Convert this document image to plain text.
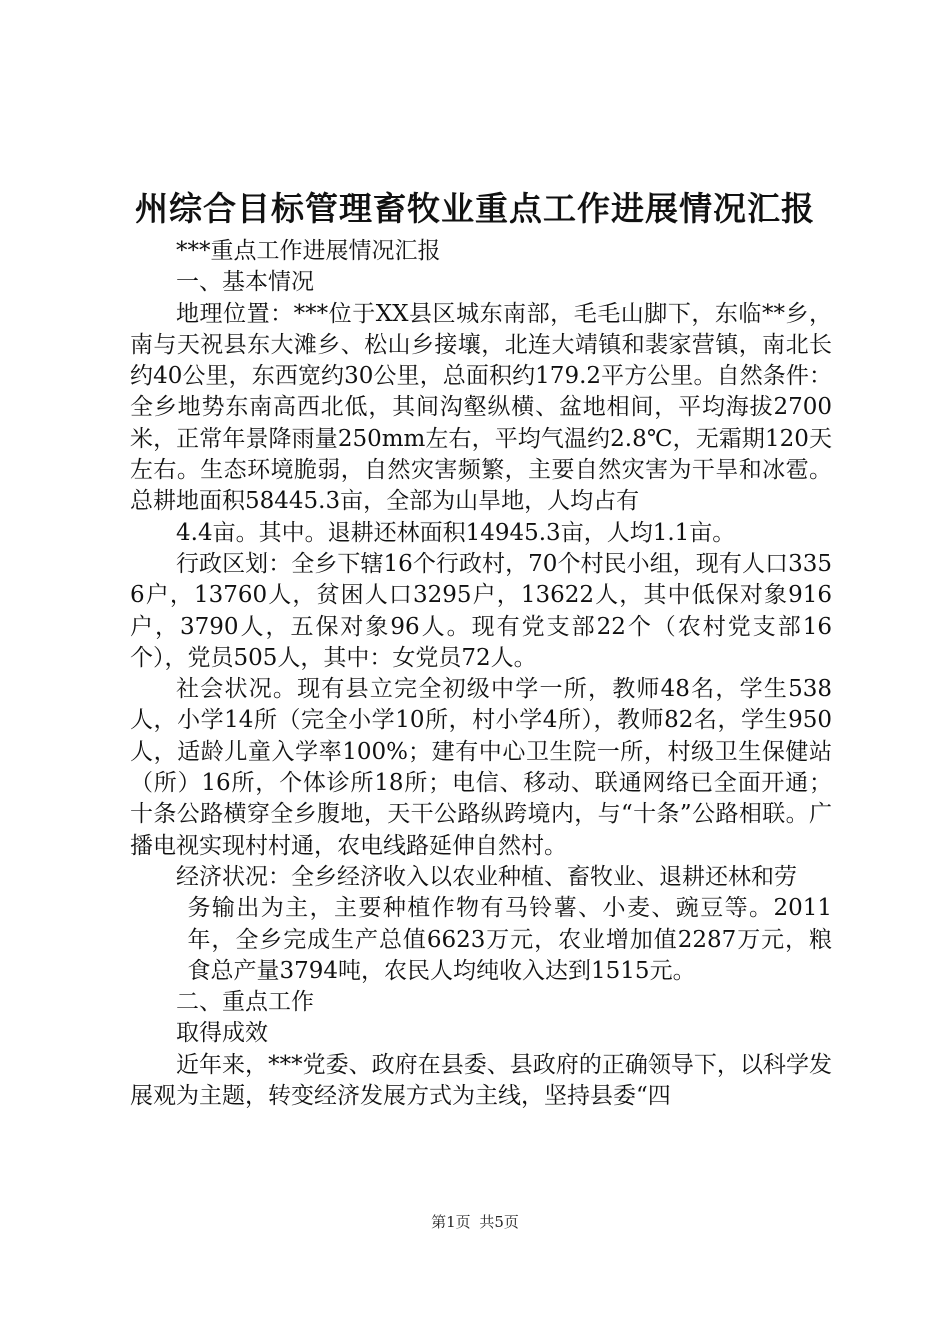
州综合目标管理畜牧业重点工作进展情况汇报

***重点工作进展情况汇报

一、基本情况

地理位置：***位于XX县区城东南部，毛毛山脚下，东临**乡，南与天祝县东大滩乡、松山乡接壤，北连大靖镇和裴家营镇，南北长约40公里，东西宽约30公里，总面积约179.2平方公里。自然条件：全乡地势东南高西北低，其间沟壑纵横、盆地相间，平均海拔2700米，正常年景降雨量250mm左右，平均气温约2.8℃，无霜期120天左右。生态环境脆弱，自然灾害频繁，主要自然灾害为干旱和冰雹。总耕地面积58445.3亩，全部为山旱地，人均占有

4.4亩。其中。退耕还林面积14945.3亩，人均1.1亩。

行政区划：全乡下辖16个行政村，70个村民小组，现有人口3356户，13760人，贫困人口3295户，13622人，其中低保对象916户，3790人，五保对象96人。现有党支部22个（农村党支部16个），党员505人，其中：女党员72人。

社会状况。现有县立完全初级中学一所，教师48名，学生538人，小学14所（完全小学10所，村小学4所），教师82名，学生950人，适龄儿童入学率100%；建有中心卫生院一所，村级卫生保健站（所）16所，个体诊所18所；电信、移动、联通网络已全面开通；十条公路横穿全乡腹地，天干公路纵跨境内，与“十条”公路相联。广播电视实现村村通，农电线路延伸自然村。

经济状况：全乡经济收入以农业种植、畜牧业、退耕还林和劳

务输出为主，主要种植作物有马铃薯、小麦、豌豆等。2011年，全乡完成生产总值6623万元，农业增加值2287万元，粮食总产量3794吨，农民人均纯收入达到1515元。

二、重点工作

取得成效

近年来，***党委、政府在县委、县政府的正确领导下，以科学发展观为主题，转变经济发展方式为主线，坚持县委“四

第1页 共5页
